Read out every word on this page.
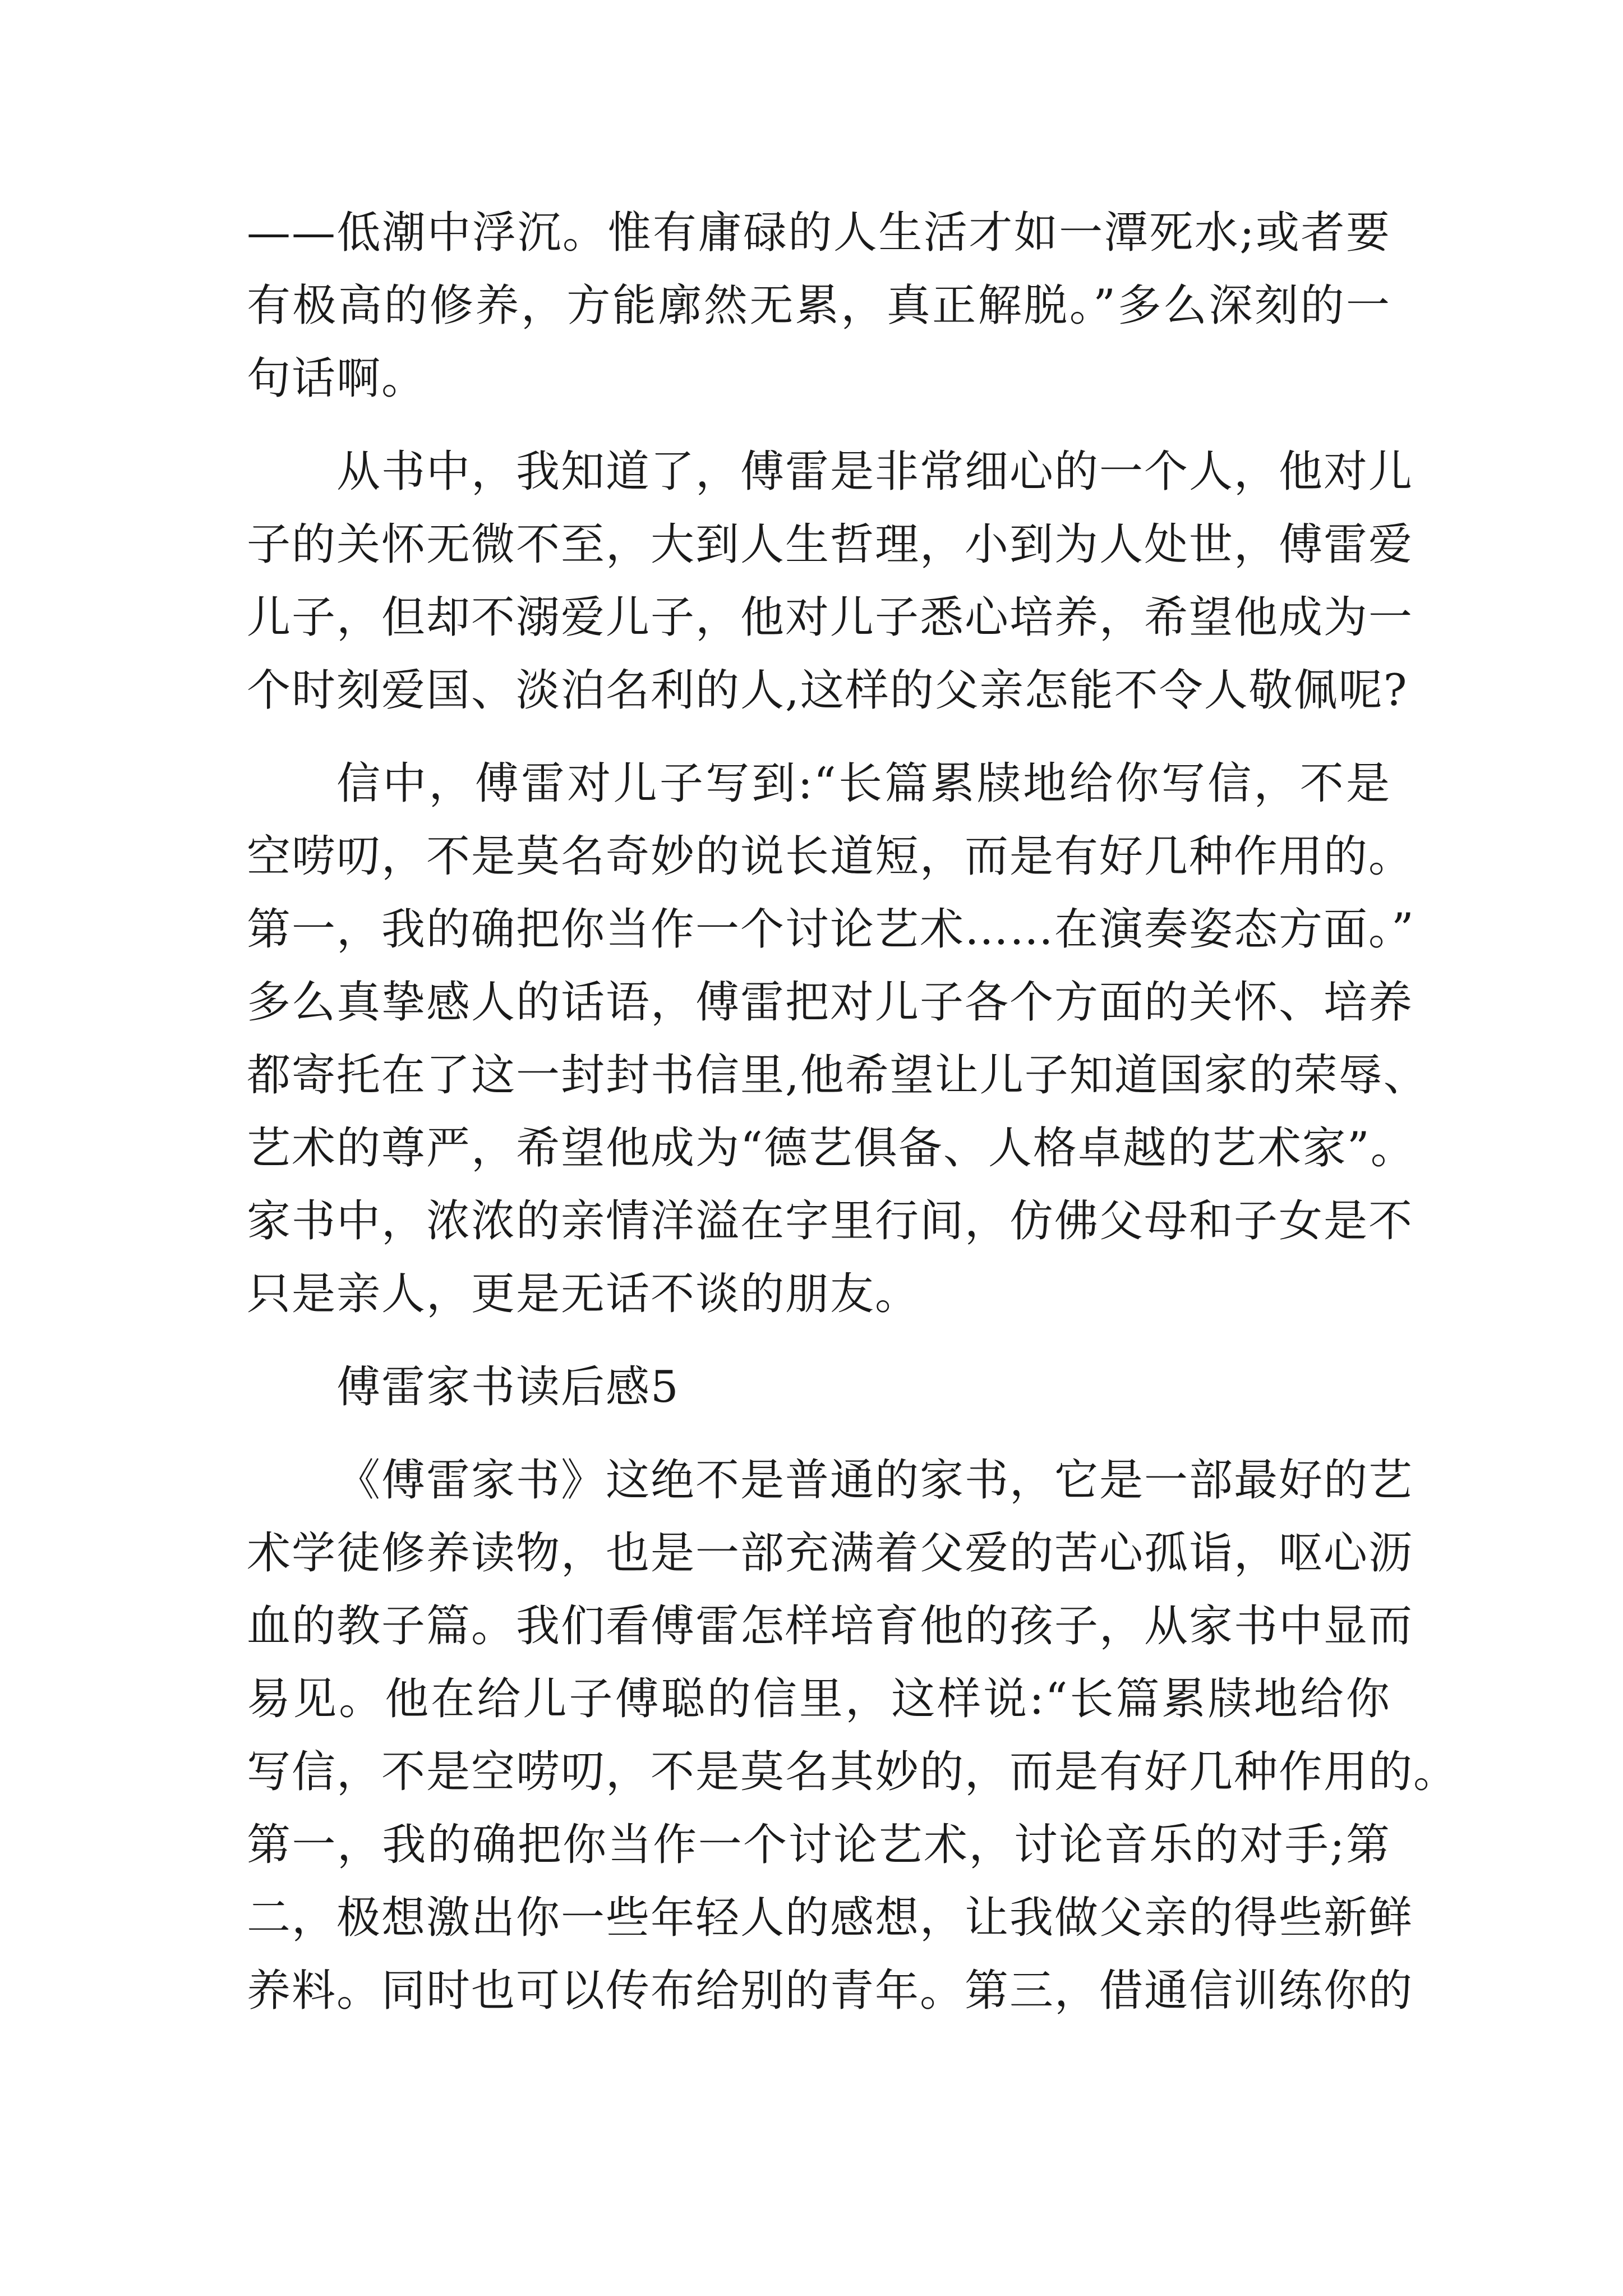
——低潮中浮沉。惟有庸碌的人生活才如一潭死水;或者要
有极高的修养，方能廓然无累，真正解脱。”多么深刻的一
句话啊。
从书中，我知道了，傅雷是非常细心的一个人，他对儿
子的关怀无微不至，大到人生哲理，小到为人处世，傅雷爱
儿子，但却不溺爱儿子，他对儿子悉心培养，希望他成为一
个时刻爱国、淡泊名利的人,这样的父亲怎能不令人敬佩呢?
信中，傅雷对儿子写到:“长篇累牍地给你写信，不是
空唠叨，不是莫名奇妙的说长道短，而是有好几种作用的。
第一，我的确把你当作一个讨论艺术……在演奏姿态方面。”
多么真挚感人的话语，傅雷把对儿子各个方面的关怀、培养
都寄托在了这一封封书信里,他希望让儿子知道国家的荣辱、
艺术的尊严，希望他成为“德艺俱备、人格卓越的艺术家”。
家书中，浓浓的亲情洋溢在字里行间，仿佛父母和子女是不
只是亲人，更是无话不谈的朋友。
傅雷家书读后感5
《傅雷家书》这绝不是普通的家书，它是一部最好的艺
术学徒修养读物，也是一部充满着父爱的苦心孤诣，呕心沥
血的教子篇。我们看傅雷怎样培育他的孩子，从家书中显而
易见。他在给儿子傅聪的信里，这样说:“长篇累牍地给你
写信，不是空唠叨，不是莫名其妙的，而是有好几种作用的。
第一，我的确把你当作一个讨论艺术，讨论音乐的对手;第
二，极想激出你一些年轻人的感想，让我做父亲的得些新鲜
养料。同时也可以传布给别的青年。第三，借通信训练你的
